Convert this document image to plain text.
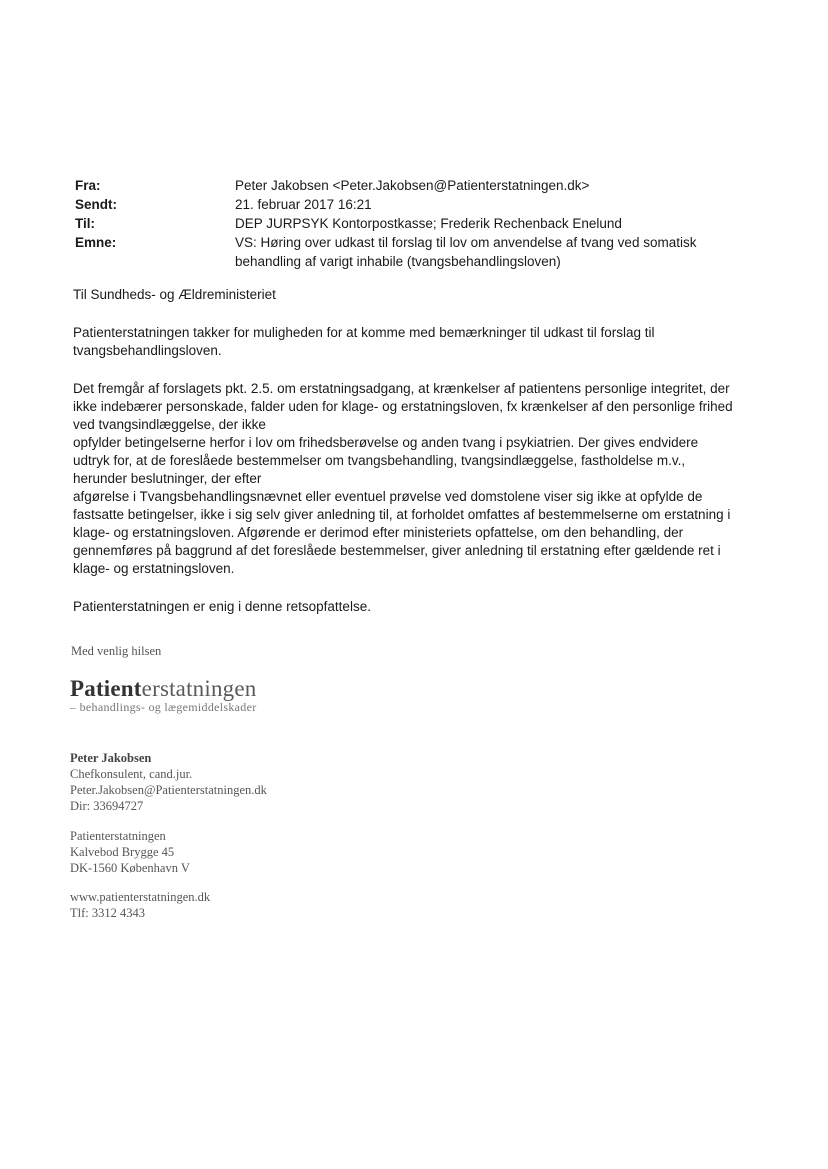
Fra:	Peter Jakobsen <Peter.Jakobsen@Patienterstatningen.dk>
Sendt:	21. februar 2017 16:21
Til:	DEP JURPSYK Kontorpostkasse; Frederik Rechenback Enelund
Emne:	VS: Høring over udkast til forslag til lov om anvendelse af tvang ved somatisk
behandling af varigt inhabile (tvangsbehandlingsloven)

Til Sundheds- og Ældreministeriet

Patienterstatningen takker for muligheden for at komme med bemærkninger til udkast til forslag til
tvangsbehandlingsloven.

Det fremgår af forslagets pkt. 2.5. om erstatningsadgang, at krænkelser af patientens personlige integritet, der
ikke indebærer personskade, falder uden for klage- og erstatningsloven, fx krænkelser af den personlige frihed
ved tvangsindlæggelse, der ikke
opfylder betingelserne herfor i lov om frihedsberøvelse og anden tvang i psykiatrien. Der gives endvidere
udtryk for, at de foreslåede bestemmelser om tvangsbehandling, tvangsindlæggelse, fastholdelse m.v.,
herunder beslutninger, der efter
afgørelse i Tvangsbehandlingsnævnet eller eventuel prøvelse ved domstolene viser sig ikke at opfylde de
fastsatte betingelser, ikke i sig selv giver anledning til, at forholdet omfattes af bestemmelserne om erstatning i
klage- og erstatningsloven. Afgørende er derimod efter ministeriets opfattelse, om den behandling, der
gennemføres på baggrund af det foreslåede bestemmelser, giver anledning til erstatning efter gældende ret i
klage- og erstatningsloven.

Patienterstatningen er enig i denne retsopfattelse.

Med venlig hilsen
Patienterstatningen
– behandlings- og lægemiddelskader
Peter Jakobsen
Chefkonsulent, cand.jur.
Peter.Jakobsen@Patienterstatningen.dk
Dir: 33694727
Patienterstatningen
Kalvebod Brygge 45
DK-1560 København V
www.patienterstatningen.dk
Tlf: 3312 4343
